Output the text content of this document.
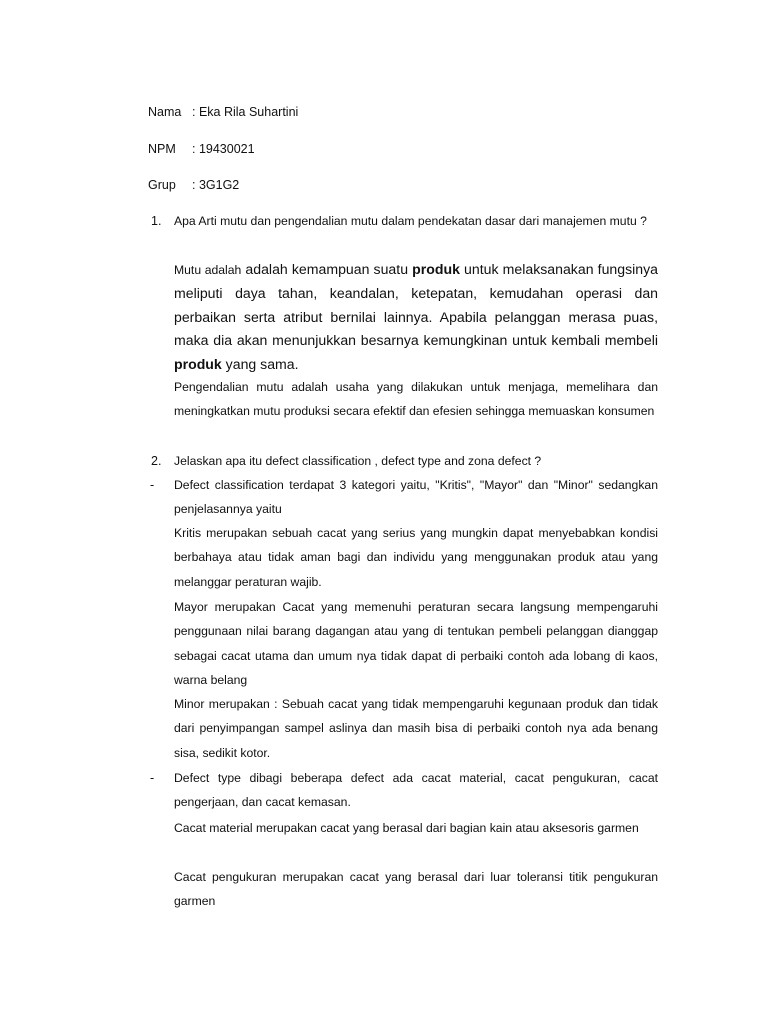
Nama : Eka Rila Suhartini
NPM : 19430021
Grup : 3G1G2
1. Apa Arti mutu dan pengendalian mutu dalam pendekatan dasar dari manajemen mutu ?

Mutu adalah adalah kemampuan suatu produk untuk melaksanakan fungsinya meliputi daya tahan, keandalan, ketepatan, kemudahan operasi dan perbaikan serta atribut bernilai lainnya. Apabila pelanggan merasa puas, maka dia akan menunjukkan besarnya kemungkinan untuk kembali membeli produk yang sama.

Pengendalian mutu adalah usaha yang dilakukan untuk menjaga, memelihara dan meningkatkan mutu produksi secara efektif dan efesien sehingga memuaskan konsumen

2. Jelaskan apa itu defect classification , defect type and zona defect ?

- Defect classification terdapat 3 kategori yaitu, "Kritis", "Mayor" dan "Minor" sedangkan penjelasannya yaitu

Kritis merupakan sebuah cacat yang serius yang mungkin dapat menyebabkan kondisi berbahaya atau tidak aman bagi dan individu yang menggunakan produk atau yang melanggar peraturan wajib.

Mayor merupakan Cacat yang memenuhi peraturan secara langsung mempengaruhi penggunaan nilai barang dagangan atau yang di tentukan pembeli pelanggan dianggap sebagai cacat utama dan umum nya tidak dapat di perbaiki contoh ada lobang di kaos, warna belang

Minor merupakan : Sebuah cacat yang tidak mempengaruhi kegunaan produk dan tidak dari penyimpangan sampel aslinya dan masih bisa di perbaiki contoh nya ada benang sisa, sedikit kotor.

- Defect type dibagi beberapa defect ada cacat material, cacat pengukuran, cacat pengerjaan, dan cacat kemasan.

Cacat material merupakan cacat yang berasal dari bagian kain atau aksesoris garmen

Cacat pengukuran merupakan cacat yang berasal dari luar toleransi titik pengukuran garmen
